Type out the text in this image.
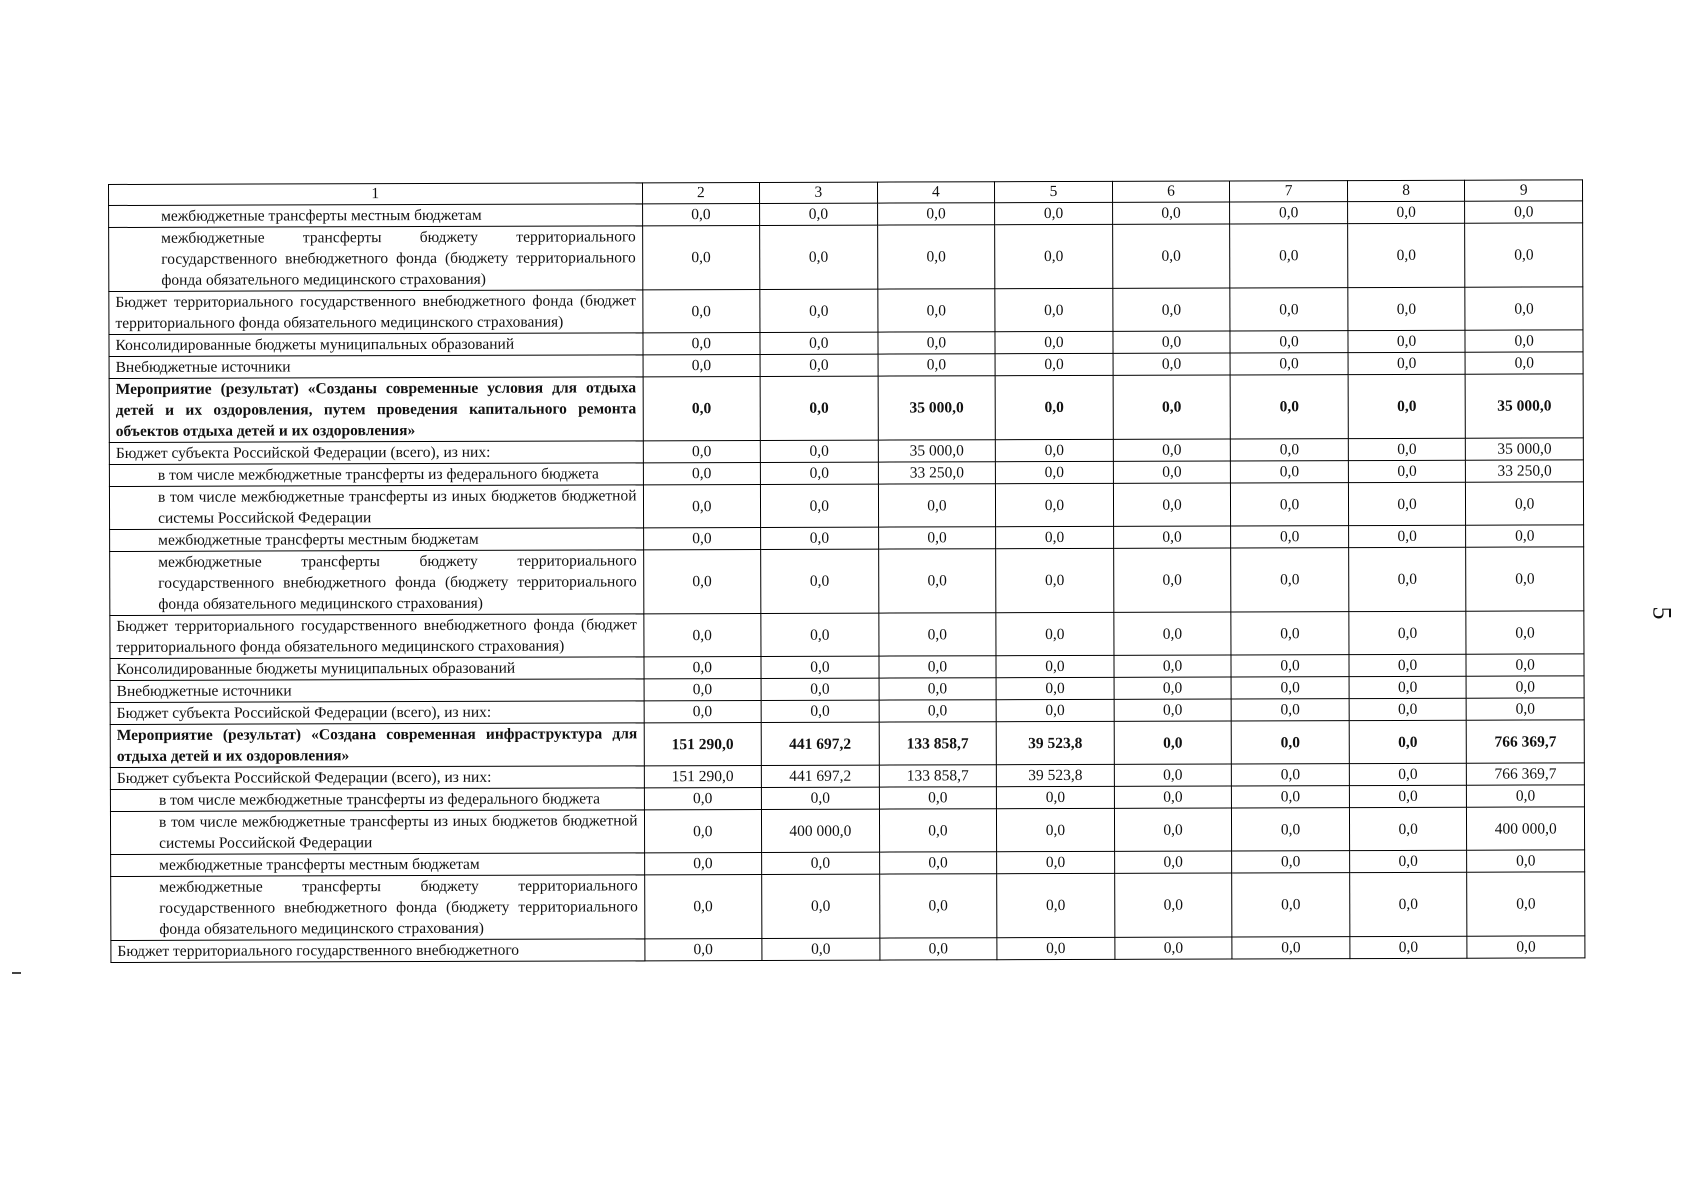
5
1	2	3	4	5	6	7	8	9
межбюджетные трансферты местным бюджетам	0,0	0,0	0,0	0,0	0,0	0,0	0,0	0,0
межбюджетные трансферты бюджету территориального государственного внебюджетного фонда (бюджету территориального фонда обязательного медицинского страхования)	0,0	0,0	0,0	0,0	0,0	0,0	0,0	0,0
Бюджет территориального государственного внебюджетного фонда (бюджет территориального фонда обязательного медицинского страхования)	0,0	0,0	0,0	0,0	0,0	0,0	0,0	0,0
Консолидированные бюджеты муниципальных образований	0,0	0,0	0,0	0,0	0,0	0,0	0,0	0,0
Внебюджетные источники	0,0	0,0	0,0	0,0	0,0	0,0	0,0	0,0
Мероприятие (результат) «Созданы современные условия для отдыха детей и их оздоровления, путем проведения капитального ремонта объектов отдыха детей и их оздоровления»	0,0	0,0	35 000,0	0,0	0,0	0,0	0,0	35 000,0
Бюджет субъекта Российской Федерации (всего), из них:	0,0	0,0	35 000,0	0,0	0,0	0,0	0,0	35 000,0
в том числе межбюджетные трансферты из федерального бюджета	0,0	0,0	33 250,0	0,0	0,0	0,0	0,0	33 250,0
в том числе межбюджетные трансферты из иных бюджетов бюджетной системы Российской Федерации	0,0	0,0	0,0	0,0	0,0	0,0	0,0	0,0
межбюджетные трансферты местным бюджетам	0,0	0,0	0,0	0,0	0,0	0,0	0,0	0,0
межбюджетные трансферты бюджету территориального государственного внебюджетного фонда (бюджету территориального фонда обязательного медицинского страхования)	0,0	0,0	0,0	0,0	0,0	0,0	0,0	0,0
Бюджет территориального государственного внебюджетного фонда (бюджет территориального фонда обязательного медицинского страхования)	0,0	0,0	0,0	0,0	0,0	0,0	0,0	0,0
Консолидированные бюджеты муниципальных образований	0,0	0,0	0,0	0,0	0,0	0,0	0,0	0,0
Внебюджетные источники	0,0	0,0	0,0	0,0	0,0	0,0	0,0	0,0
Бюджет субъекта Российской Федерации (всего), из них:	0,0	0,0	0,0	0,0	0,0	0,0	0,0	0,0
Мероприятие (результат) «Создана современная инфраструктура для отдыха детей и их оздоровления»	151 290,0	441 697,2	133 858,7	39 523,8	0,0	0,0	0,0	766 369,7
Бюджет субъекта Российской Федерации (всего), из них:	151 290,0	441 697,2	133 858,7	39 523,8	0,0	0,0	0,0	766 369,7
в том числе межбюджетные трансферты из федерального бюджета	0,0	0,0	0,0	0,0	0,0	0,0	0,0	0,0
в том числе межбюджетные трансферты из иных бюджетов бюджетной системы Российской Федерации	0,0	400 000,0	0,0	0,0	0,0	0,0	0,0	400 000,0
межбюджетные трансферты местным бюджетам	0,0	0,0	0,0	0,0	0,0	0,0	0,0	0,0
межбюджетные трансферты бюджету территориального государственного внебюджетного фонда (бюджету территориального фонда обязательного медицинского страхования)	0,0	0,0	0,0	0,0	0,0	0,0	0,0	0,0
Бюджет территориального государственного внебюджетного	0,0	0,0	0,0	0,0	0,0	0,0	0,0	0,0
